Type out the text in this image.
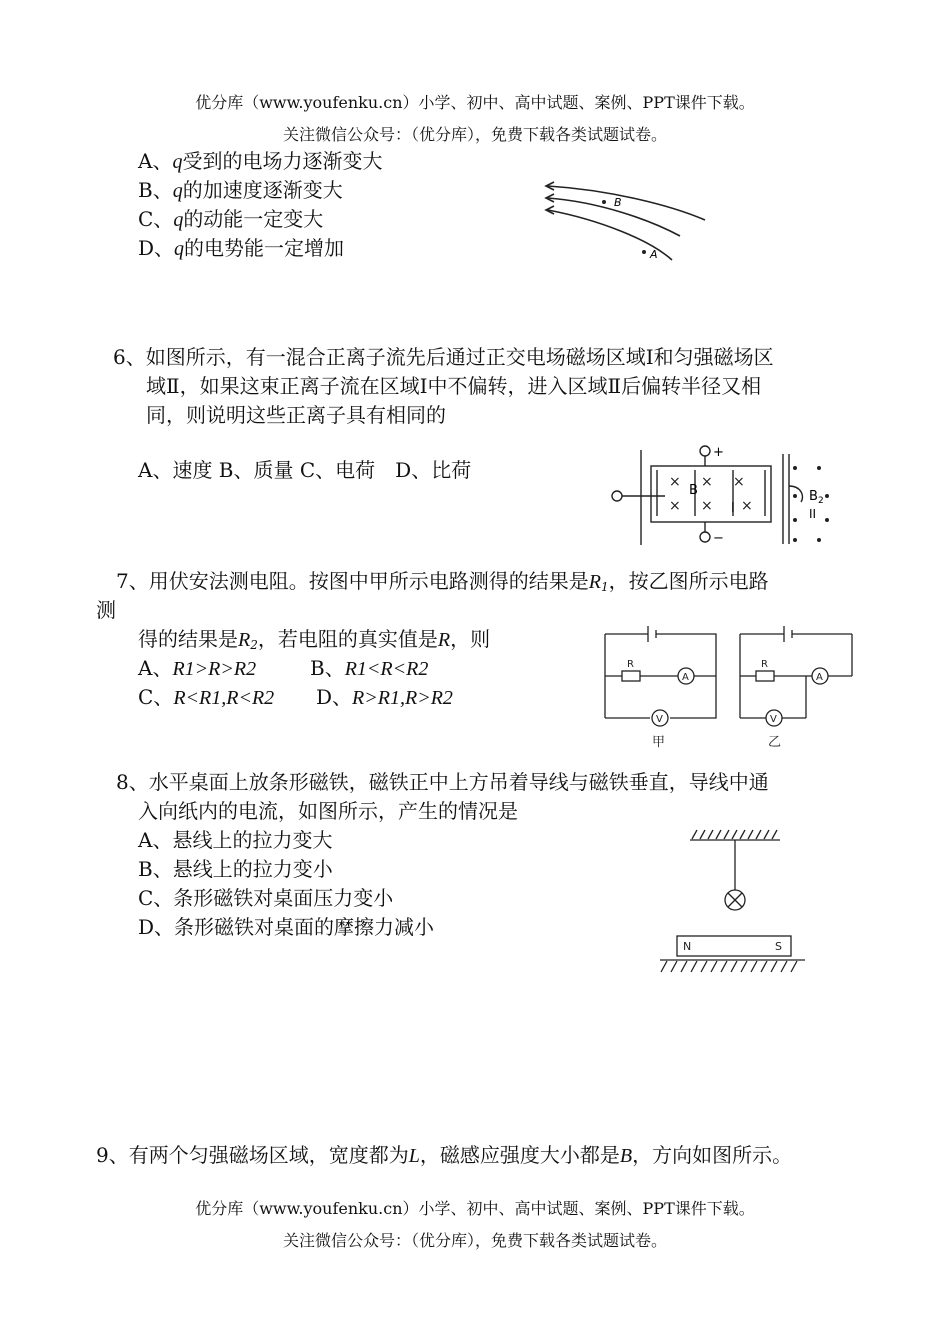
优分库（www.youfenku.cn）小学、初中、高中试题、案例、PPT课件下载。
关注微信公众号：（优分库），免费下载各类试题试卷。
A、q受到的电场力逐渐变大
B、q的加速度逐渐变大
C、q的动能一定变大
D、q的电势能一定增加
B
A
6、如图所示，有一混合正离子流先后通过正交电场磁场区域Ⅰ和匀强磁场区
域Ⅱ，如果这束正离子流在区域Ⅰ中不偏转，进入区域Ⅱ后偏转半径又相
同，则说明这些正离子具有相同的
A、速度 B、质量 C、电荷　D、比荷	× × ×
× × ×
+
−
B
I
B 2
II
7、用伏安法测电阻。按图中甲所示电路测得的结果是$R_1$，按乙图所示电路
测
得的结果是$R_2$，若电阻的真实值是R，则
A、R1>R>R2	B、R1<R<R2
C、R<R1,R<R2 D、R>R1,R>R2
R
A
V
R
A
V
甲	乙
8、水平桌面上放条形磁铁，磁铁正中上方吊着导线与磁铁垂直，导线中通
入向纸内的电流，如图所示，产生的情况是
A、悬线上的拉力变大
B、悬线上的拉力变小
C、条形磁铁对桌面压力变小
D、条形磁铁对桌面的摩擦力减小
N	S
9、有两个匀强磁场区域，宽度都为L，磁感应强度大小都是B，方向如图所示。
优分库（www.youfenku.cn）小学、初中、高中试题、案例、PPT课件下载。
关注微信公众号：（优分库），免费下载各类试题试卷。
